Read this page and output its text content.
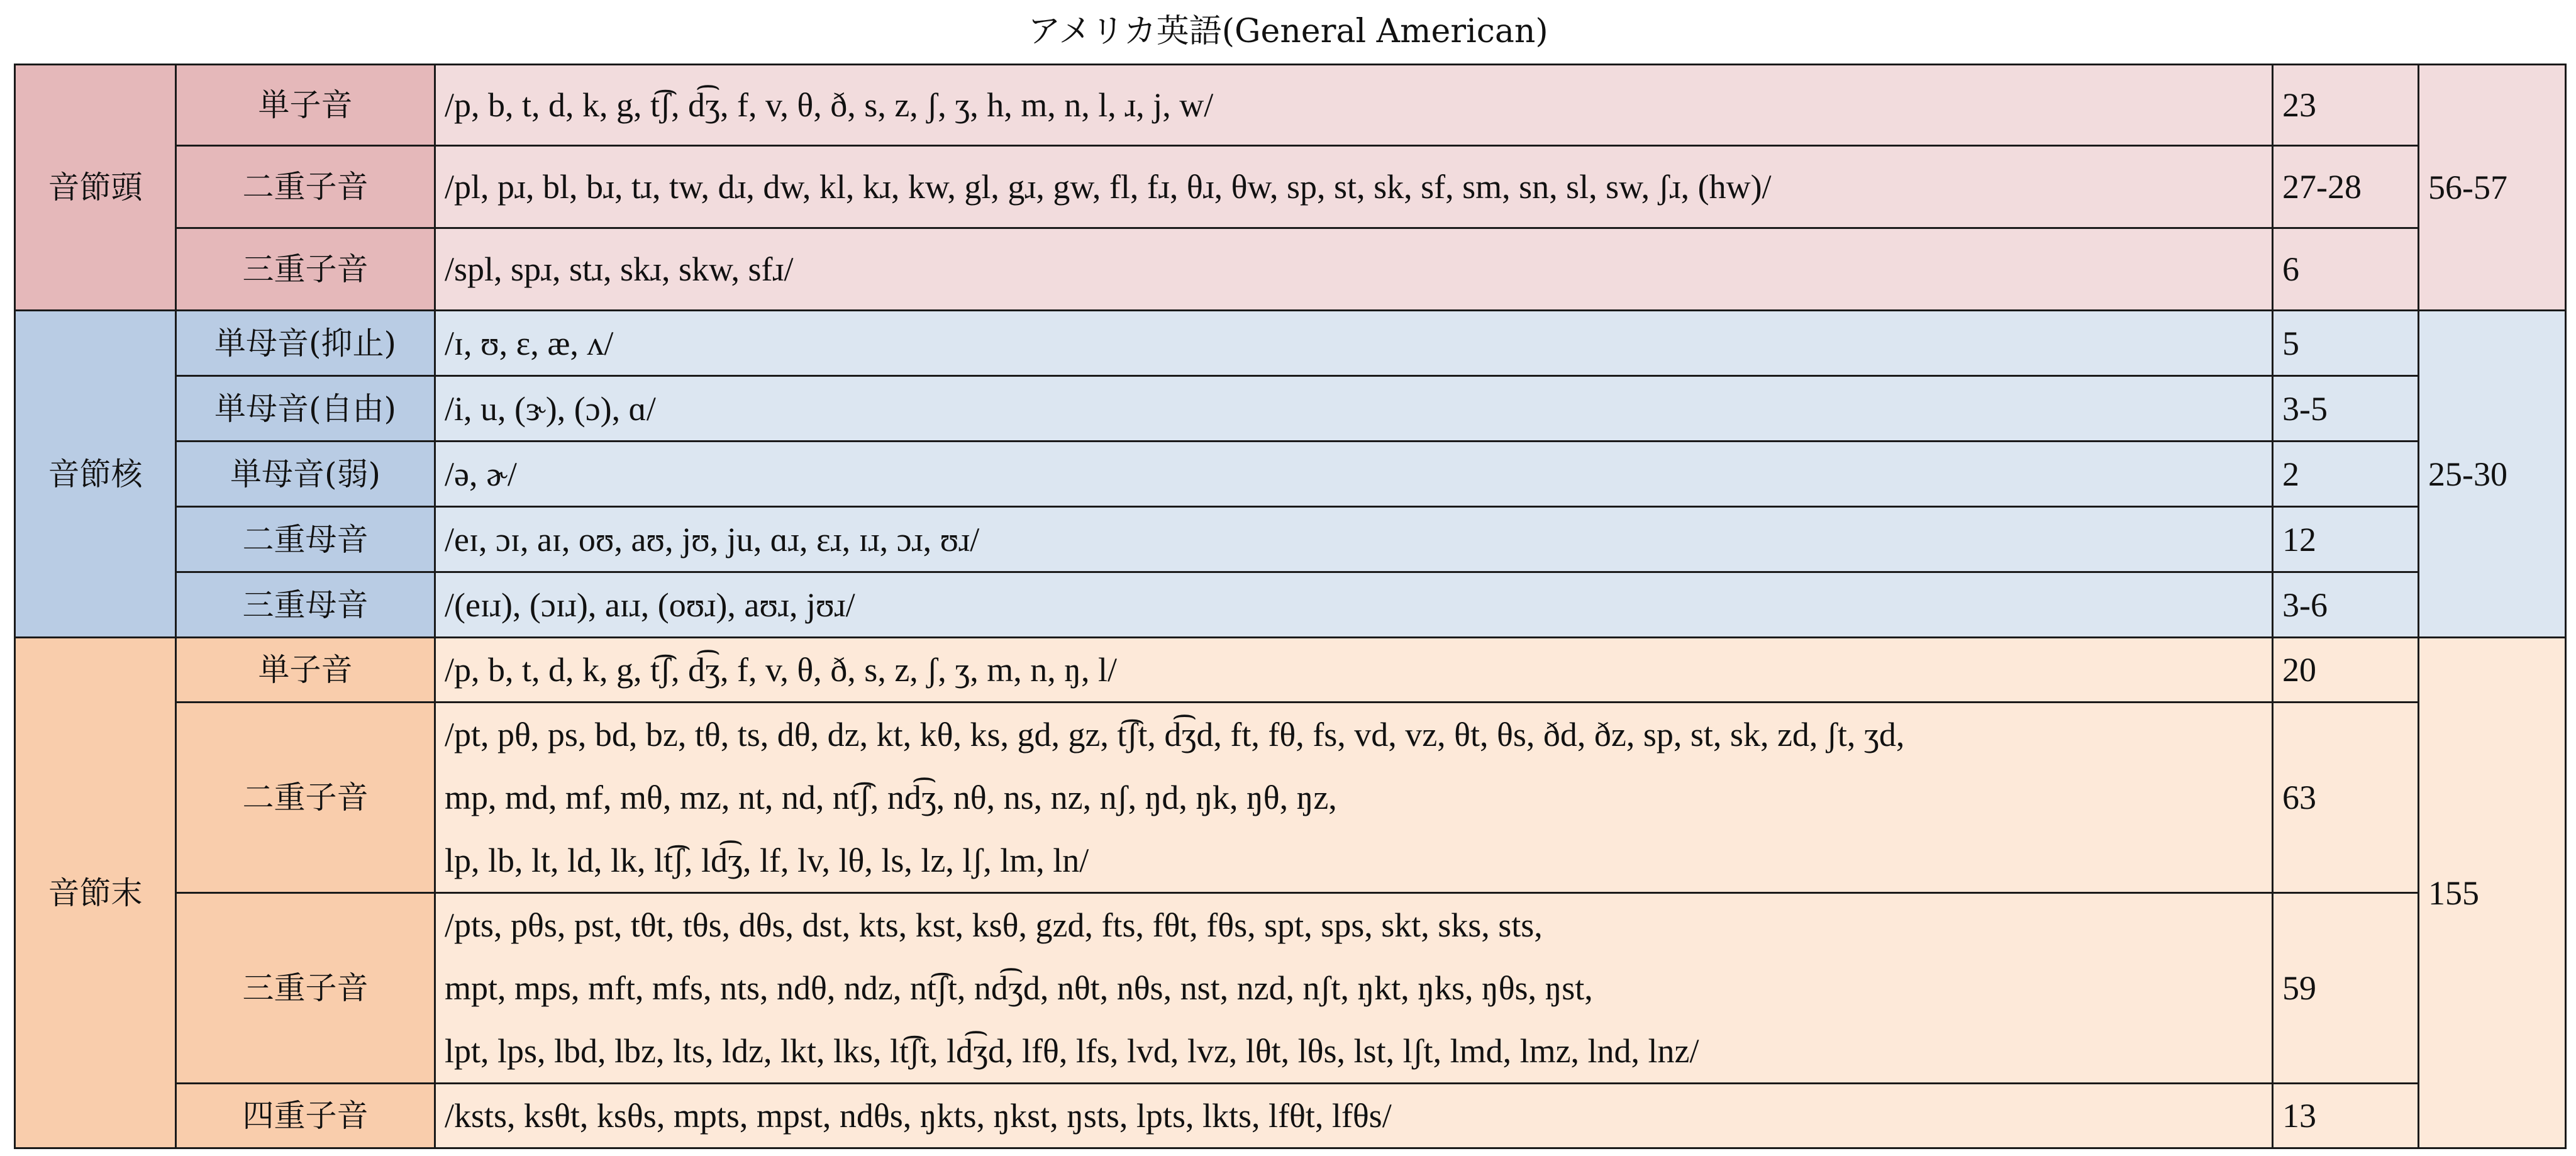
アメリカ英語(General American)
音節頭	単子音	/p, b, t, d, k, g, t͡ʃ, d͡ʒ, f, v, θ, ð, s, z, ʃ, ʒ, h, m, n, l, ɹ, j, w/	23	56-57
	二重子音	/pl, pɹ, bl, bɹ, tɹ, tw, dɹ, dw, kl, kɹ, kw, gl, gɹ, gw, fl, fɹ, θɹ, θw, sp, st, sk, sf, sm, sn, sl, sw, ʃɹ, (hw)/	27-28	
	三重子音	/spl, spɹ, stɹ, skɹ, skw, sfɹ/	6	
音節核	単母音(抑止)	/ɪ, ʊ, ɛ, æ, ʌ/	5	25-30
	単母音(自由)	/i, u, (ɝ), (ɔ), ɑ/	3-5	
	単母音(弱)	/ə, ɚ/	2	
	二重母音	/eɪ, ɔɪ, aɪ, oʊ, aʊ, jʊ, ju, ɑɹ, ɛɹ, ɪɹ, ɔɹ, ʊɹ/	12	
	三重母音	/(eɪɹ), (ɔɪɹ), aɪɹ, (oʊɹ), aʊɹ, jʊɹ/	3-6	
音節末	単子音	/p, b, t, d, k, g, t͡ʃ, d͡ʒ, f, v, θ, ð, s, z, ʃ, ʒ, m, n, ŋ, l/	20	155
	二重子音	/pt, pθ, ps, bd, bz, tθ, ts, dθ, dz, kt, kθ, ks, gd, gz, t͡ʃt, d͡ʒd, ft, fθ, fs, vd, vz, θt, θs, ðd, ðz, sp, st, sk, zd, ʃt, ʒd,
mp, md, mf, mθ, mz, nt, nd, nt͡ʃ, nd͡ʒ, nθ, ns, nz, nʃ, ŋd, ŋk, ŋθ, ŋz,
lp, lb, lt, ld, lk, lt͡ʃ, ld͡ʒ, lf, lv, lθ, ls, lz, lʃ, lm, ln/	63	
	三重子音	/pts, pθs, pst, tθt, tθs, dθs, dst, kts, kst, ksθ, gzd, fts, fθt, fθs, spt, sps, skt, sks, sts,
mpt, mps, mft, mfs, nts, ndθ, ndz, nt͡ʃt, nd͡ʒd, nθt, nθs, nst, nzd, nʃt, ŋkt, ŋks, ŋθs, ŋst,
lpt, lps, lbd, lbz, lts, ldz, lkt, lks, lt͡ʃt, ld͡ʒd, lfθ, lfs, lvd, lvz, lθt, lθs, lst, lʃt, lmd, lmz, lnd, lnz/	59	
	四重子音	/ksts, ksθt, ksθs, mpts, mpst, ndθs, ŋkts, ŋkst, ŋsts, lpts, lkts, lfθt, lfθs/	13	
